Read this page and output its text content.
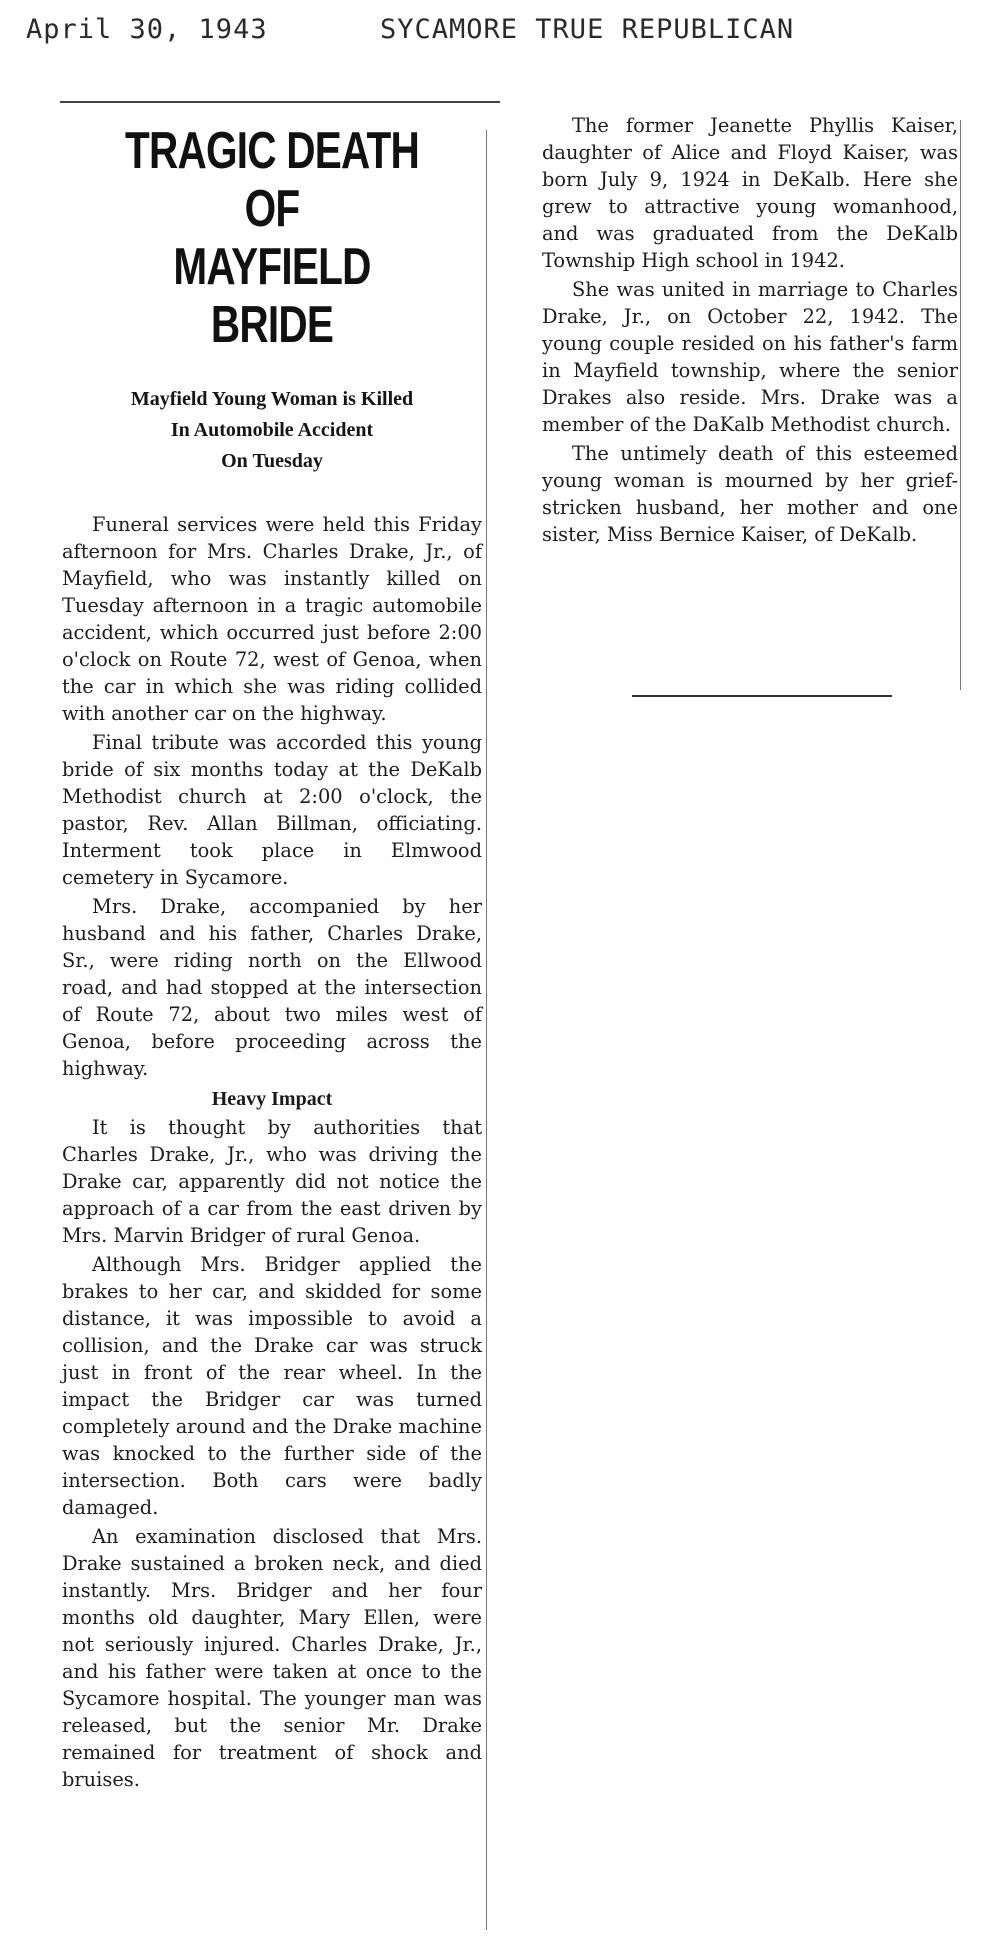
April 30, 1943	SYCAMORE TRUE REPUBLICAN
TRAGIC DEATH OF
MAYFIELD BRIDE
Mayfield Young Woman is Killed
In Automobile Accident
On Tuesday

Funeral services were held this Friday afternoon for Mrs. Charles Drake, Jr., of Mayfield, who was instantly killed on Tuesday afternoon in a tragic automobile accident, which occurred just before 2:00 o'clock on Route 72, west of Genoa, when the car in which she was riding collided with another car on the highway.

Final tribute was accorded this young bride of six months today at the DeKalb Methodist church at 2:00 o'clock, the pastor, Rev. Allan Billman, officiating. Interment took place in Elmwood cemetery in Sycamore.

Mrs. Drake, accompanied by her husband and his father, Charles Drake, Sr., were riding north on the Ellwood road, and had stopped at the intersection of Route 72, about two miles west of Genoa, before proceeding across the highway.

Heavy Impact

It is thought by authorities that Charles Drake, Jr., who was driving the Drake car, apparently did not notice the approach of a car from the east driven by Mrs. Marvin Bridger of rural Genoa.

Although Mrs. Bridger applied the brakes to her car, and skidded for some distance, it was impossible to avoid a collision, and the Drake car was struck just in front of the rear wheel. In the impact the Bridger car was turned completely around and the Drake machine was knocked to the further side of the intersection. Both cars were badly damaged.

An examination disclosed that Mrs. Drake sustained a broken neck, and died instantly. Mrs. Bridger and her four months old daughter, Mary Ellen, were not seriously injured. Charles Drake, Jr., and his father were taken at once to the Sycamore hospital. The younger man was released, but the senior Mr. Drake remained for treatment of shock and bruises.

The former Jeanette Phyllis Kaiser, daughter of Alice and Floyd Kaiser, was born July 9, 1924 in DeKalb. Here she grew to attractive young womanhood, and was graduated from the DeKalb Township High school in 1942.

She was united in marriage to Charles Drake, Jr., on October 22, 1942. The young couple resided on his father's farm in Mayfield township, where the senior Drakes also reside. Mrs. Drake was a member of the DaKalb Methodist church.

The untimely death of this esteemed young woman is mourned by her grief-stricken husband, her mother and one sister, Miss Bernice Kaiser, of DeKalb.
